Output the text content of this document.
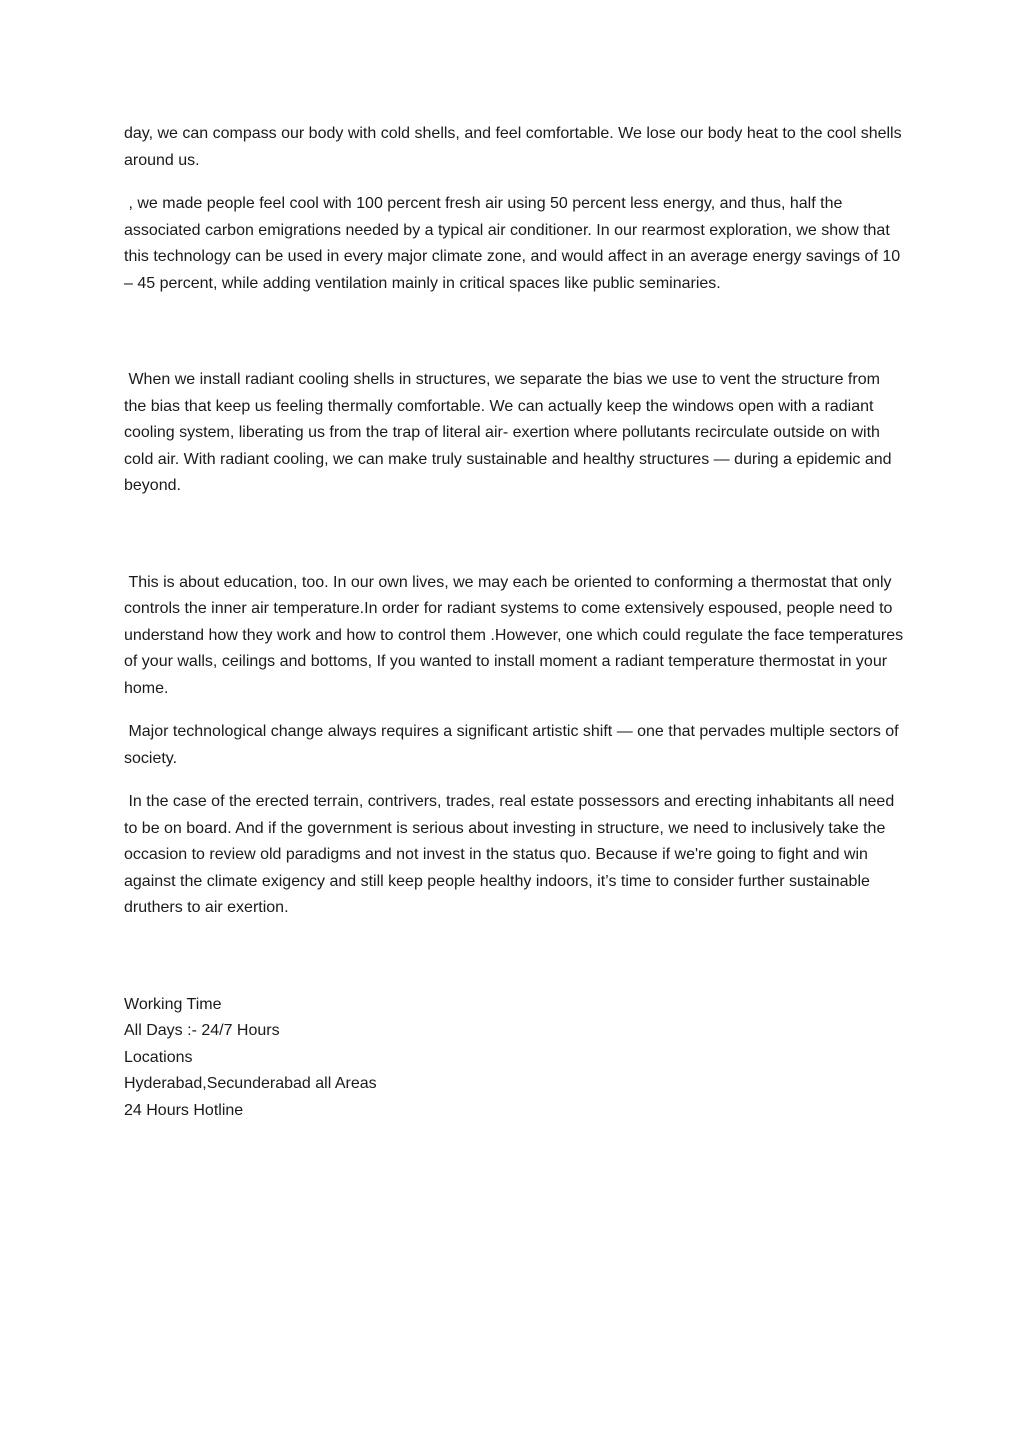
day, we can compass our body with cold shells, and feel comfortable. We lose our body heat to the cool shells around us.

, we made people feel cool with 100 percent fresh air using 50 percent less energy, and thus, half the associated carbon emigrations needed by a typical air conditioner. In our rearmost exploration, we show that this technology can be used in every major climate zone, and would affect in an average energy savings of 10 – 45 percent, while adding ventilation mainly in critical spaces like public seminaries.

When we install radiant cooling shells in structures, we separate the bias we use to vent the structure from the bias that keep us feeling thermally comfortable. We can actually keep the windows open with a radiant cooling system, liberating us from the trap of literal air- exertion where pollutants recirculate outside on with cold air. With radiant cooling, we can make truly sustainable and healthy structures — during a epidemic and beyond.

This is about education, too. In our own lives, we may each be oriented to conforming a thermostat that only controls the inner air temperature.In order for radiant systems to come extensively espoused, people need to understand how they work and how to control them .However, one which could regulate the face temperatures of your walls, ceilings and bottoms, If you wanted to install moment a radiant temperature thermostat in your home.

Major technological change always requires a significant artistic shift — one that pervades multiple sectors of society.

In the case of the erected terrain, contrivers, trades, real estate possessors and erecting inhabitants all need to be on board. And if the government is serious about investing in structure, we need to inclusively take the occasion to review old paradigms and not invest in the status quo. Because if we're going to fight and win against the climate exigency and still keep people healthy indoors, it’s time to consider further sustainable druthers to air exertion.

Working Time

All Days :- 24/7 Hours

Locations

Hyderabad,Secunderabad all Areas

24 Hours Hotline
